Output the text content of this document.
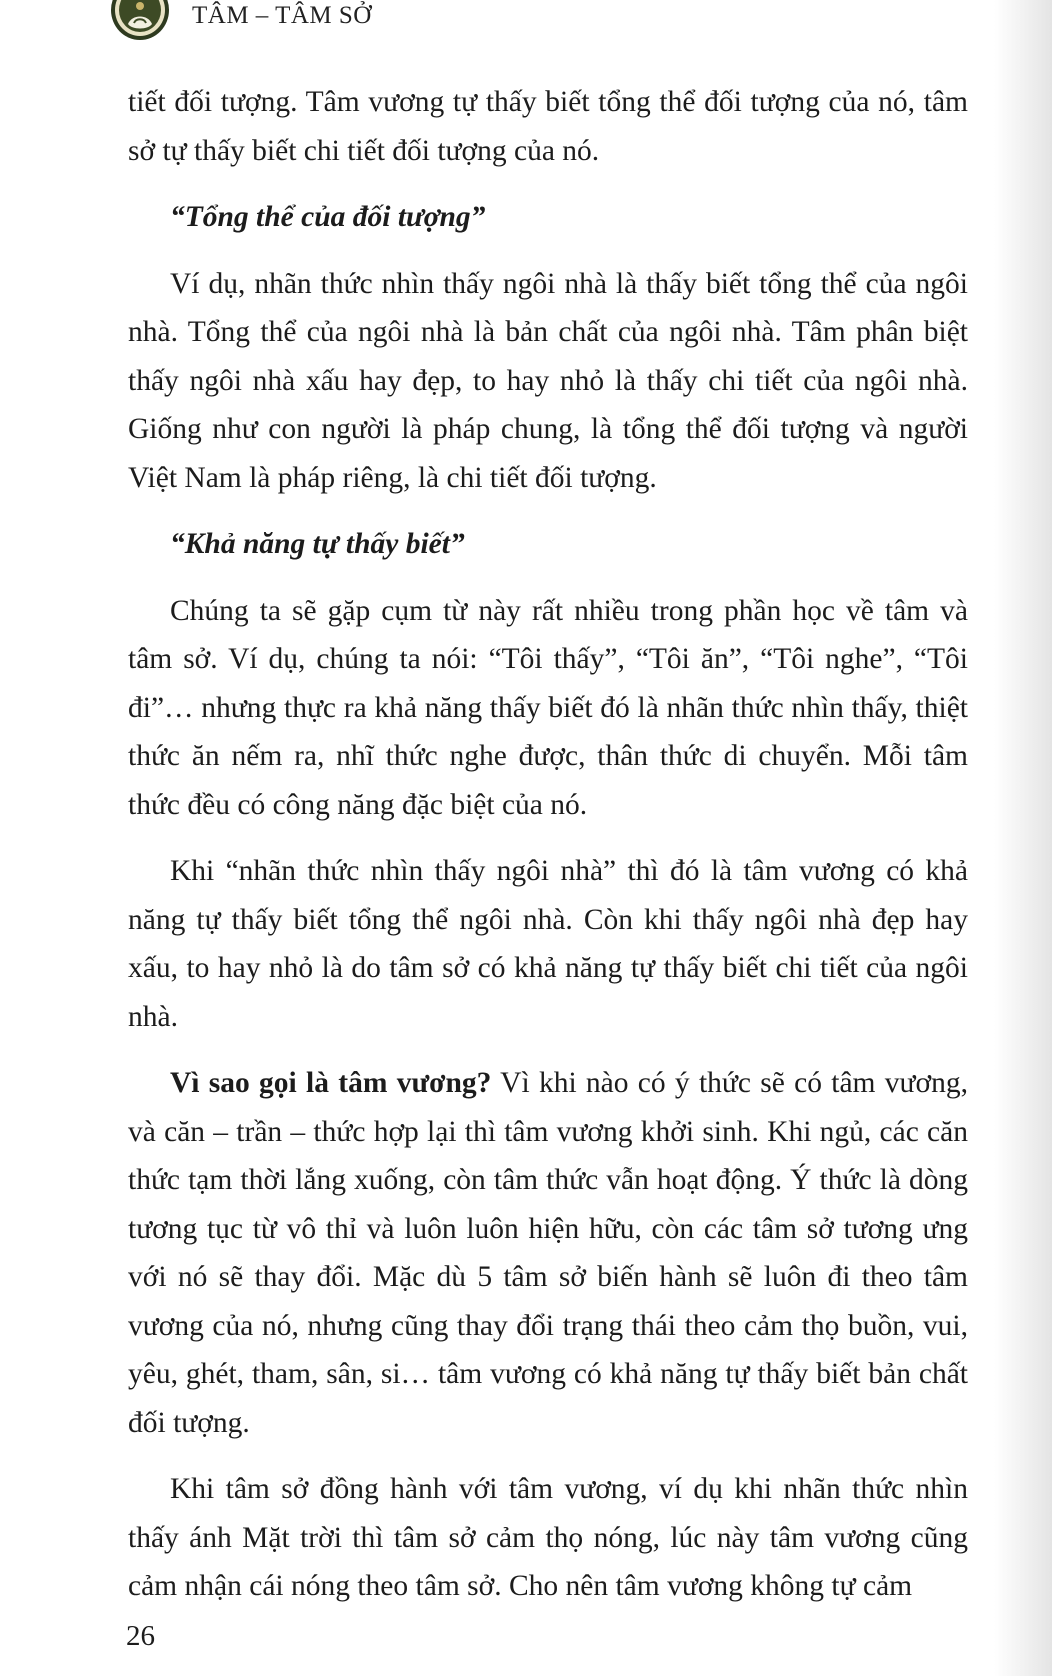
TÂM – TÂM SỞ

tiết đối tượng. Tâm vương tự thấy biết tổng thể đối tượng của nó, tâm sở tự thấy biết chi tiết đối tượng của nó.

“Tổng thể của đối tượng”

Ví dụ, nhãn thức nhìn thấy ngôi nhà là thấy biết tổng thể của ngôi nhà. Tổng thể của ngôi nhà là bản chất của ngôi nhà. Tâm phân biệt thấy ngôi nhà xấu hay đẹp, to hay nhỏ là thấy chi tiết của ngôi nhà. Giống như con người là pháp chung, là tổng thể đối tượng và người Việt Nam là pháp riêng, là chi tiết đối tượng.

“Khả năng tự thấy biết”

Chúng ta sẽ gặp cụm từ này rất nhiều trong phần học về tâm và tâm sở. Ví dụ, chúng ta nói: “Tôi thấy”, “Tôi ăn”, “Tôi nghe”, “Tôi đi”… nhưng thực ra khả năng thấy biết đó là nhãn thức nhìn thấy, thiệt thức ăn nếm ra, nhĩ thức nghe được, thân thức di chuyển. Mỗi tâm thức đều có công năng đặc biệt của nó.

Khi “nhãn thức nhìn thấy ngôi nhà” thì đó là tâm vương có khả năng tự thấy biết tổng thể ngôi nhà. Còn khi thấy ngôi nhà đẹp hay xấu, to hay nhỏ là do tâm sở có khả năng tự thấy biết chi tiết của ngôi nhà.

Vì sao gọi là tâm vương? Vì khi nào có ý thức sẽ có tâm vương, và căn – trần – thức hợp lại thì tâm vương khởi sinh. Khi ngủ, các căn thức tạm thời lắng xuống, còn tâm thức vẫn hoạt động. Ý thức là dòng tương tục từ vô thỉ và luôn luôn hiện hữu, còn các tâm sở tương ưng với nó sẽ thay đổi. Mặc dù 5 tâm sở biến hành sẽ luôn đi theo tâm vương của nó, nhưng cũng thay đổi trạng thái theo cảm thọ buồn, vui, yêu, ghét, tham, sân, si… tâm vương có khả năng tự thấy biết bản chất đối tượng.

Khi tâm sở đồng hành với tâm vương, ví dụ khi nhãn thức nhìn thấy ánh Mặt trời thì tâm sở cảm thọ nóng, lúc này tâm vương cũng cảm nhận cái nóng theo tâm sở. Cho nên tâm vương không tự cảm

26
